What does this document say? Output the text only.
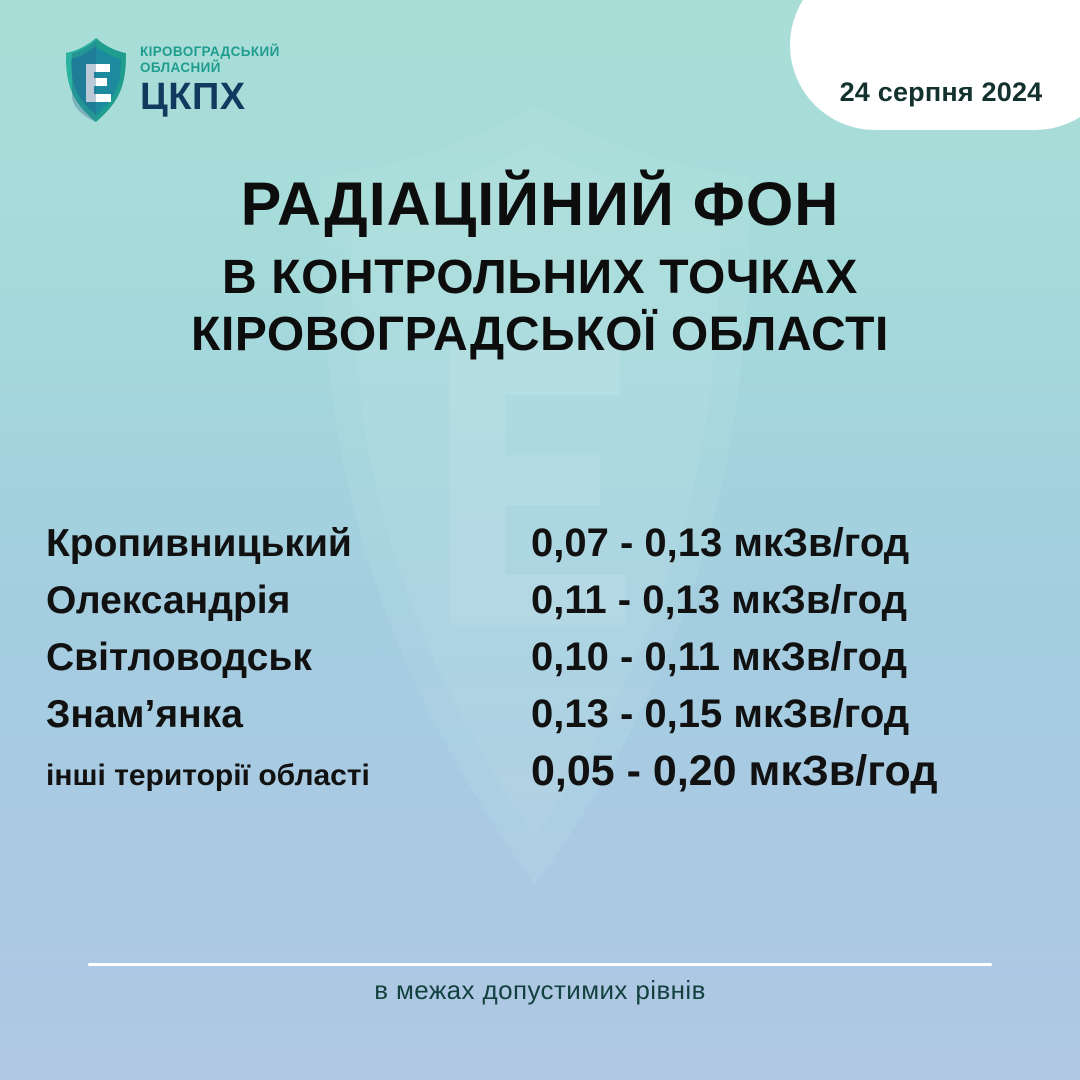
24 серпня 2024
КІРОВОГРАДСЬКИЙ
ОБЛАСНИЙ
ЦКПХ
РАДІАЦІЙНИЙ ФОН
В КОНТРОЛЬНИХ ТОЧКАХ
КІРОВОГРАДСЬКОЇ ОБЛАСТІ
Кропивницький	0,07 - 0,13 мкЗв/год
Олександрія	0,11 - 0,13 мкЗв/год
Світловодськ	0,10 - 0,11 мкЗв/год
Знам’янка	0,13 - 0,15 мкЗв/год
інші території області	0,05 - 0,20 мкЗв/год
в межах допустимих рівнів
